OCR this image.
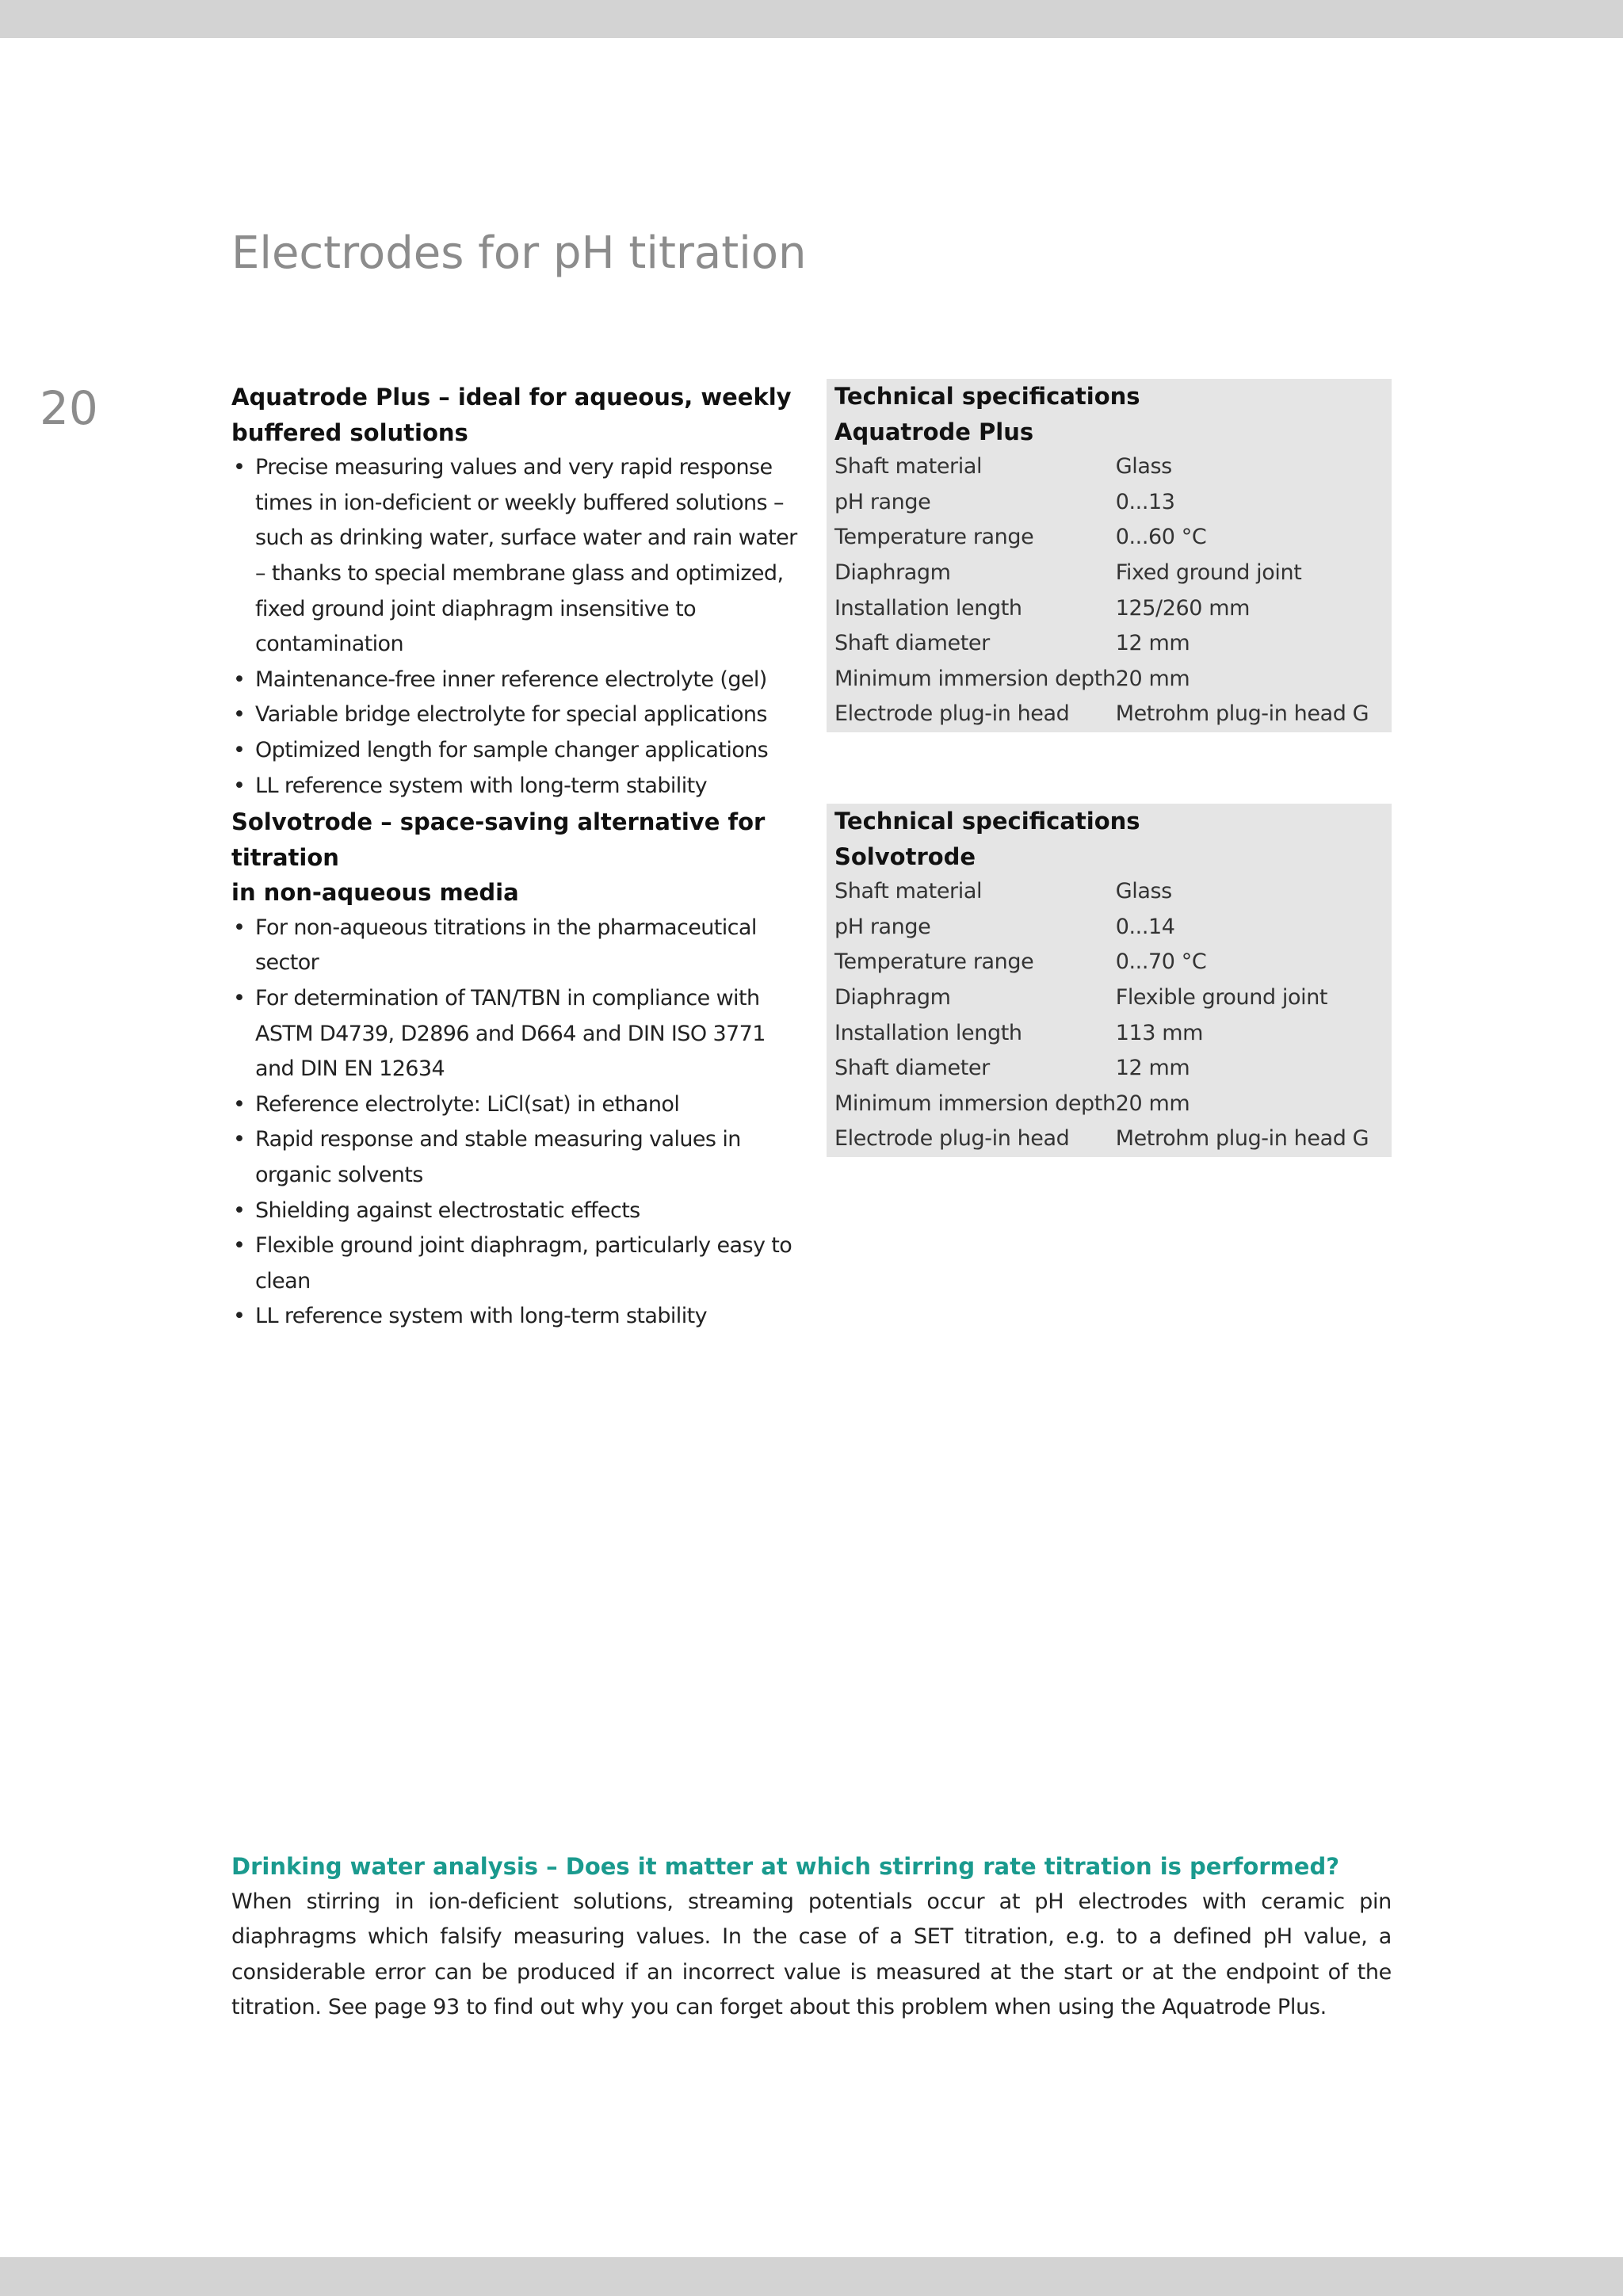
Electrodes for pH titration
20	Aquatrode Plus – ideal for aqueous, weekly
buffered solutions
• Precise measuring values and very rapid response times in ion-deficient or weekly buffered solutions – such as drinking water, surface water and rain water – thanks to special membrane glass and optimized, fixed ground joint diaphragm insensitive to contamination
• Maintenance-free inner reference electrolyte (gel)
• Variable bridge electrolyte for special applications
• Optimized length for sample changer applications
• LL reference system with long-term stability
Technical specifications
Aquatrode Plus
Shaft material	Glass
pH range	0...13
Temperature range	0...60 °C
Diaphragm	Fixed ground joint
Installation length	125/260 mm
Shaft diameter	12 mm
Minimum immersion depth	20 mm
Electrode plug-in head	Metrohm plug-in head G
Solvotrode – space-saving alternative for titration
in non-aqueous media
• For non-aqueous titrations in the pharmaceutical sector
• For determination of TAN/TBN in compliance with ASTM D4739, D2896 and D664 and DIN ISO 3771 and DIN EN 12634
• Reference electrolyte: LiCl(sat) in ethanol
• Rapid response and stable measuring values in organic solvents
• Shielding against electrostatic effects
• Flexible ground joint diaphragm, particularly easy to clean
• LL reference system with long-term stability
Technical specifications
Solvotrode
Shaft material	Glass
pH range	0...14
Temperature range	0...70 °C
Diaphragm	Flexible ground joint
Installation length	113 mm
Shaft diameter	12 mm
Minimum immersion depth	20 mm
Electrode plug-in head	Metrohm plug-in head G
Drinking water analysis – Does it matter at which stirring rate titration is performed?

When stirring in ion-deficient solutions, streaming potentials occur at pH electrodes with ceramic pin diaphragms which falsify measuring values. In the case of a SET titration, e.g. to a defined pH value, a considerable error can be produced if an incorrect value is measured at the start or at the endpoint of the titration. See page 93 to find out why you can forget about this problem when using the Aquatrode Plus.
